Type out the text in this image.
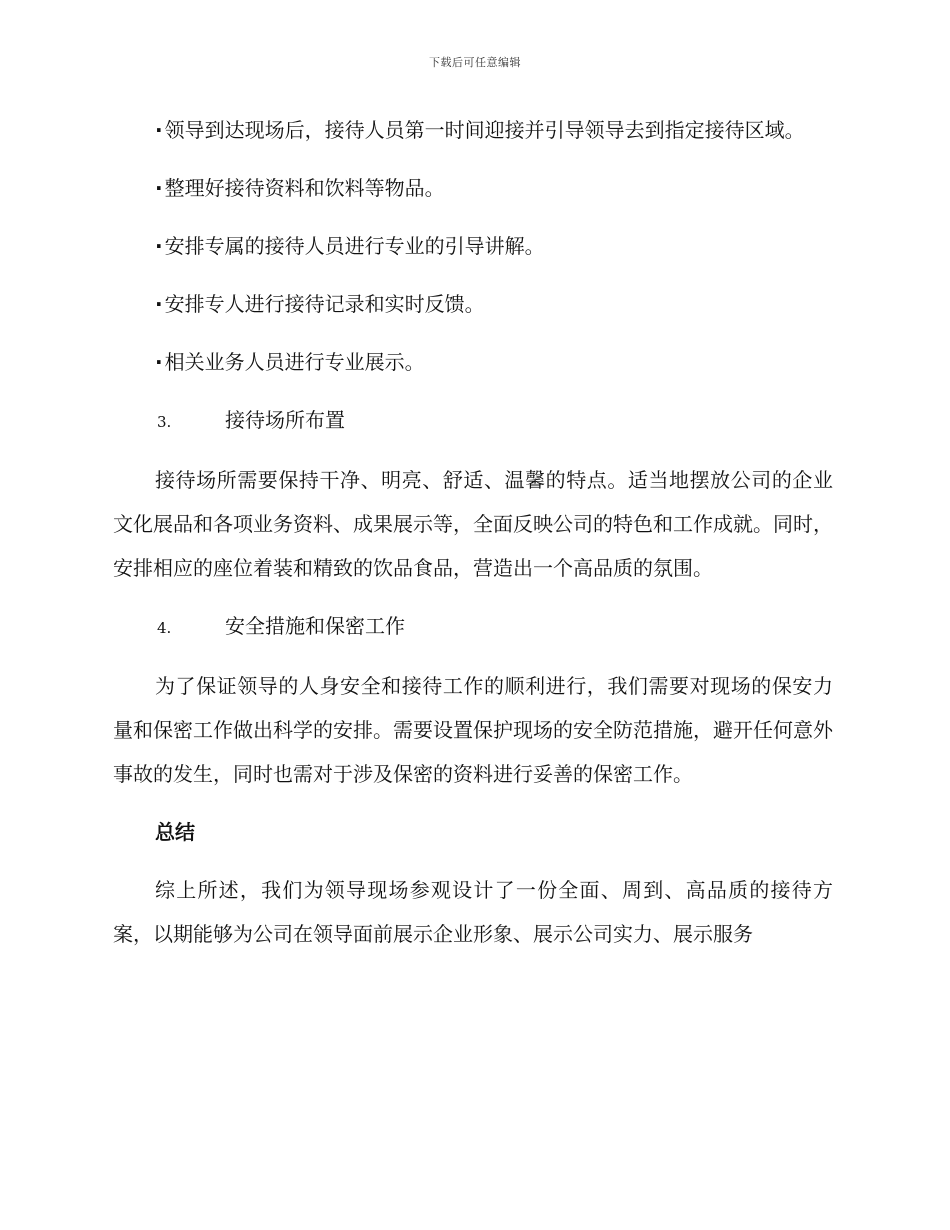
下载后可任意编辑

· 领导到达现场后，接待人员第一时间迎接并引导领导去到指定接待区域。

· 整理好接待资料和饮料等物品。

· 安排专属的接待人员进行专业的引导讲解。

· 安排专人进行接待记录和实时反馈。

· 相关业务人员进行专业展示。

3.	接待场所布置

接待场所需要保持干净、明亮、舒适、温馨的特点。适当地摆放公司的企业文化展品和各项业务资料、成果展示等，全面反映公司的特色和工作成就。同时，安排相应的座位着装和精致的饮品食品，营造出一个高品质的氛围。

4.	安全措施和保密工作

为了保证领导的人身安全和接待工作的顺利进行，我们需要对现场的保安力量和保密工作做出科学的安排。需要设置保护现场的安全防范措施，避开任何意外事故的发生，同时也需对于涉及保密的资料进行妥善的保密工作。

总结

综上所述，我们为领导现场参观设计了一份全面、周到、高品质的接待方案，以期能够为公司在领导面前展示企业形象、展示公司实力、展示服务
